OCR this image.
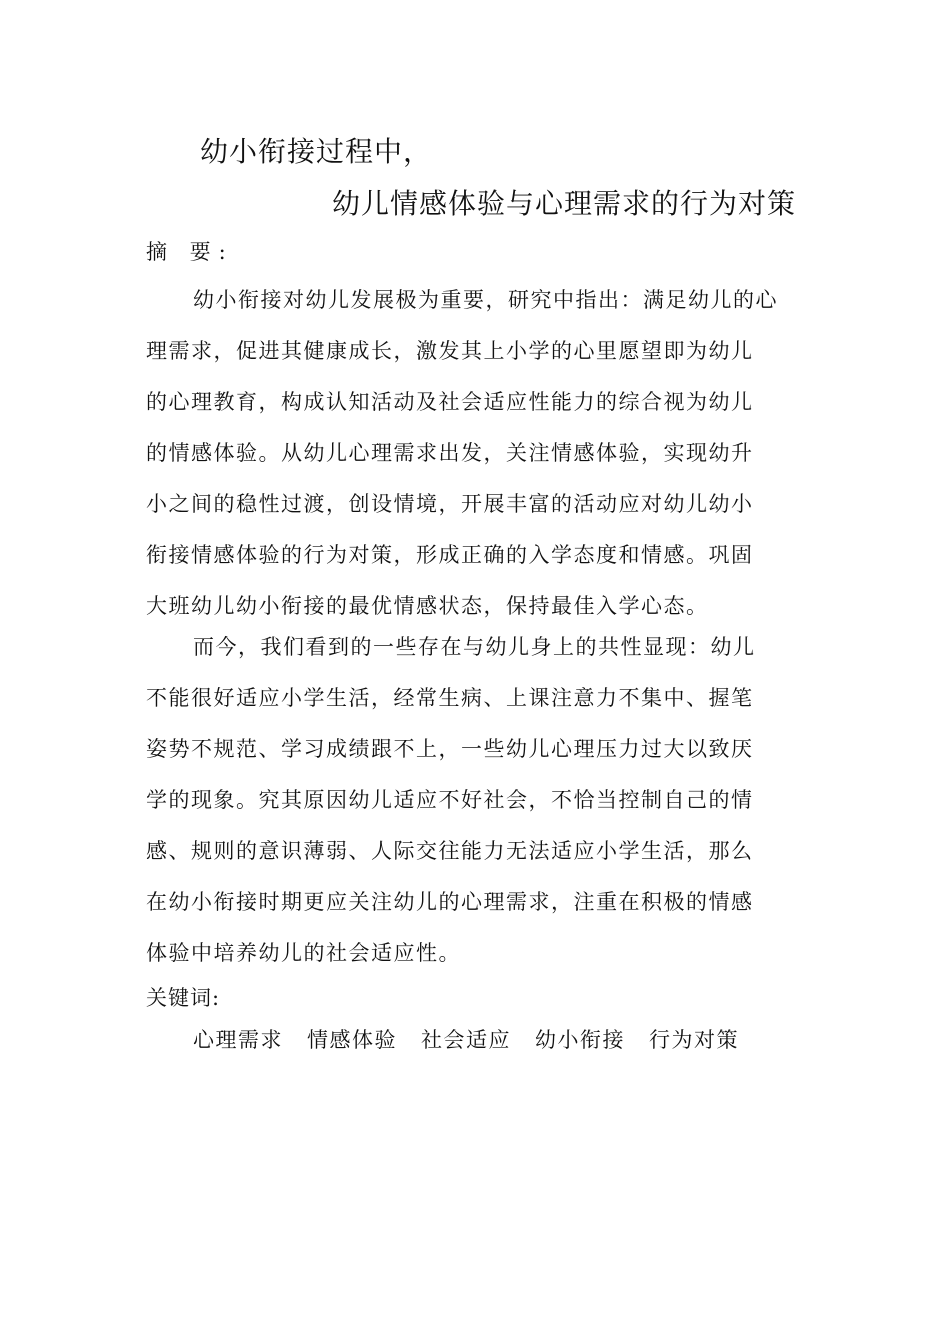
幼小衔接过程中，
幼儿情感体验与心理需求的行为对策
摘 要:
幼小衔接对幼儿发展极为重要，研究中指出：满足幼儿的心
理需求，促进其健康成长，激发其上小学的心里愿望即为幼儿
的心理教育，构成认知活动及社会适应性能力的综合视为幼儿
的情感体验。从幼儿心理需求出发，关注情感体验，实现幼升
小之间的稳性过渡，创设情境，开展丰富的活动应对幼儿幼小
衔接情感体验的行为对策，形成正确的入学态度和情感。巩固
大班幼儿幼小衔接的最优情感状态，保持最佳入学心态。
而今，我们看到的一些存在与幼儿身上的共性显现：幼儿
不能很好适应小学生活，经常生病、上课注意力不集中、握笔
姿势不规范、学习成绩跟不上，一些幼儿心理压力过大以致厌
学的现象。究其原因幼儿适应不好社会，不恰当控制自己的情
感、规则的意识薄弱、人际交往能力无法适应小学生活，那么
在幼小衔接时期更应关注幼儿的心理需求，注重在积极的情感
体验中培养幼儿的社会适应性。
关键词:
心理需求 情感体验 社会适应 幼小衔接 行为对策
